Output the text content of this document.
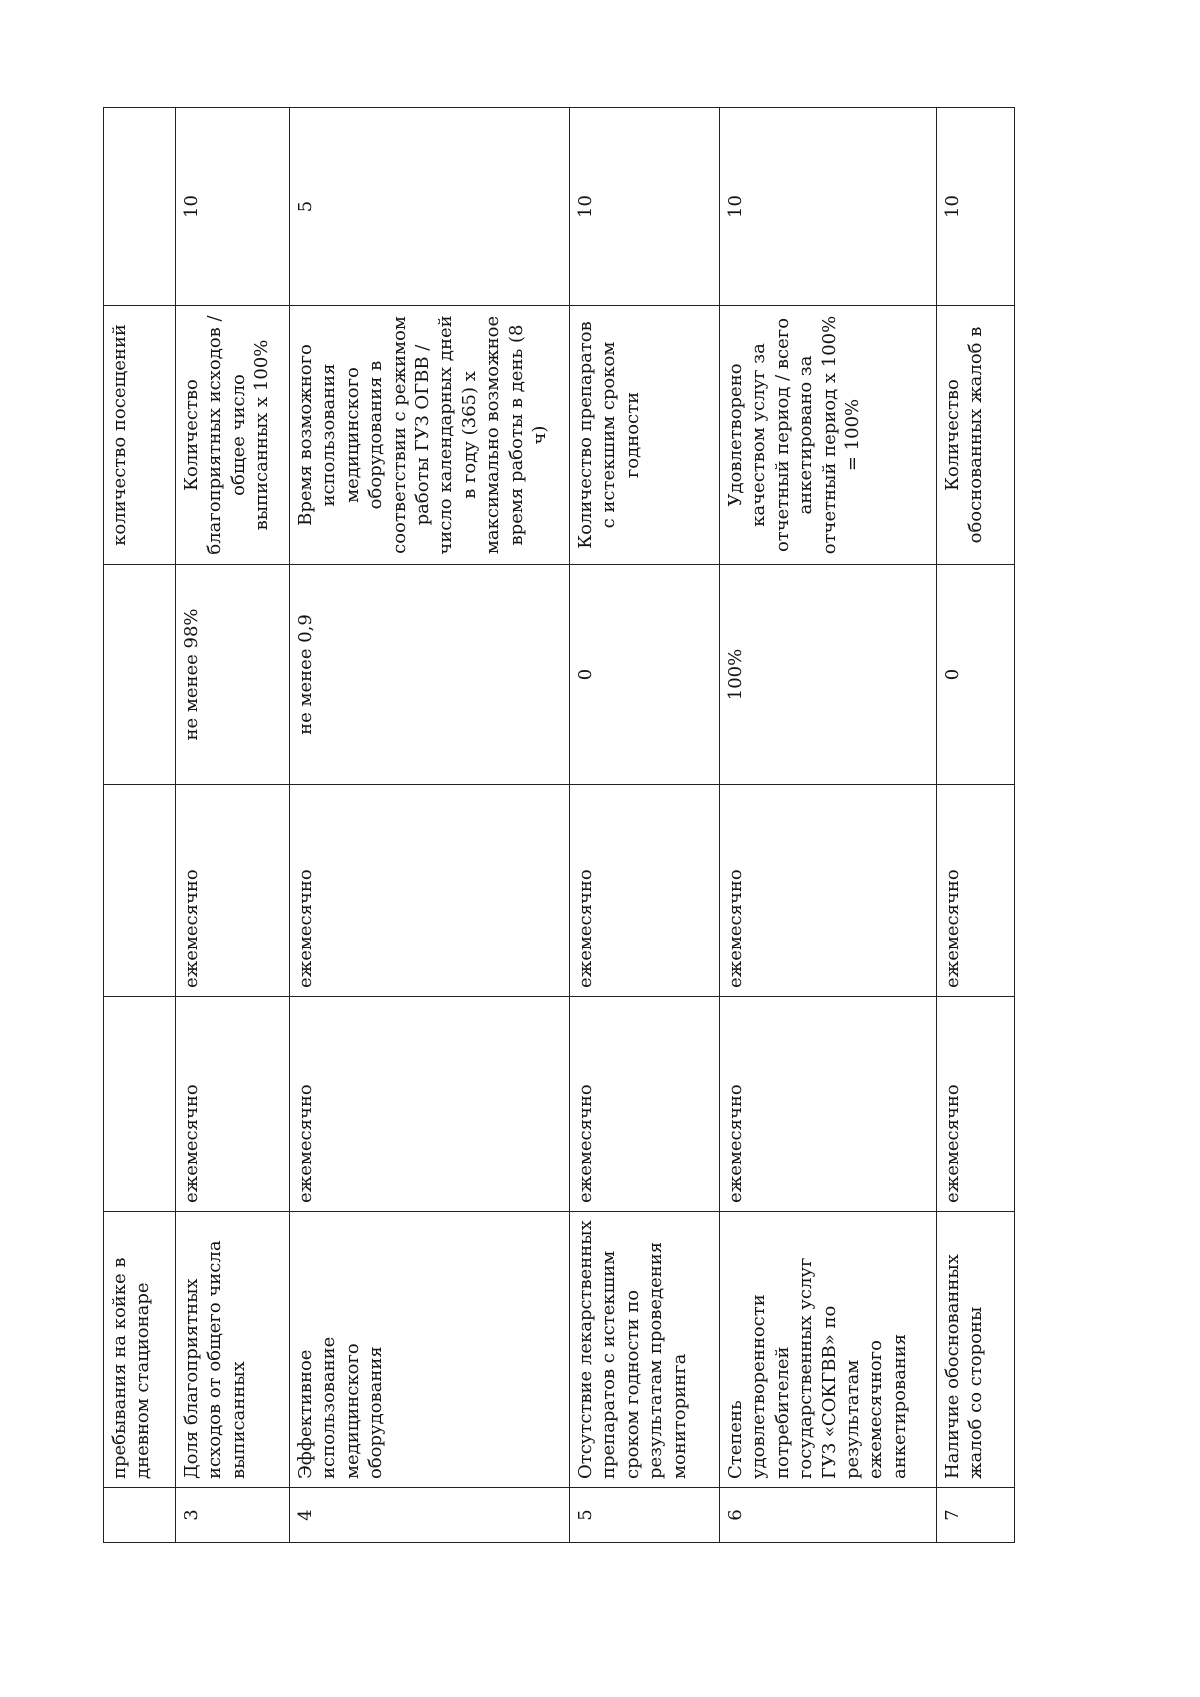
	пребывания на койке в дневном стационаре				количество посещений	
3	Доля благоприятных исходов от общего числа выписанных	ежемесячно	ежемесячно	не менее 98%	Количество благоприятных исходов / общее число выписанных х 100%	10
4	Эффективное использование медицинского оборудования	ежемесячно	ежемесячно	не менее 0,9	Время возможного использования медицинского оборудования в соответствии с режимом работы ГУЗ ОГВВ / число календарных дней в году (365) х максимально возможное время работы в день (8 ч)	5
5	Отсутствие лекарственных препаратов с истекшим сроком годности по результатам проведения мониторинга	ежемесячно	ежемесячно	0	Количество препаратов с истекшим сроком годности	10
6	Степень удовлетворенности потребителей государственных услуг ГУЗ «СОКГВВ» по результатам ежемесячного анкетирования	ежемесячно	ежемесячно	100%	Удовлетворено качеством услуг за отчетный период / всего анкетировано за отчетный период х 100% = 100%	10
7	Наличие обоснованных жалоб со стороны	ежемесячно	ежемесячно	0	Количество обоснованных жалоб в	10
